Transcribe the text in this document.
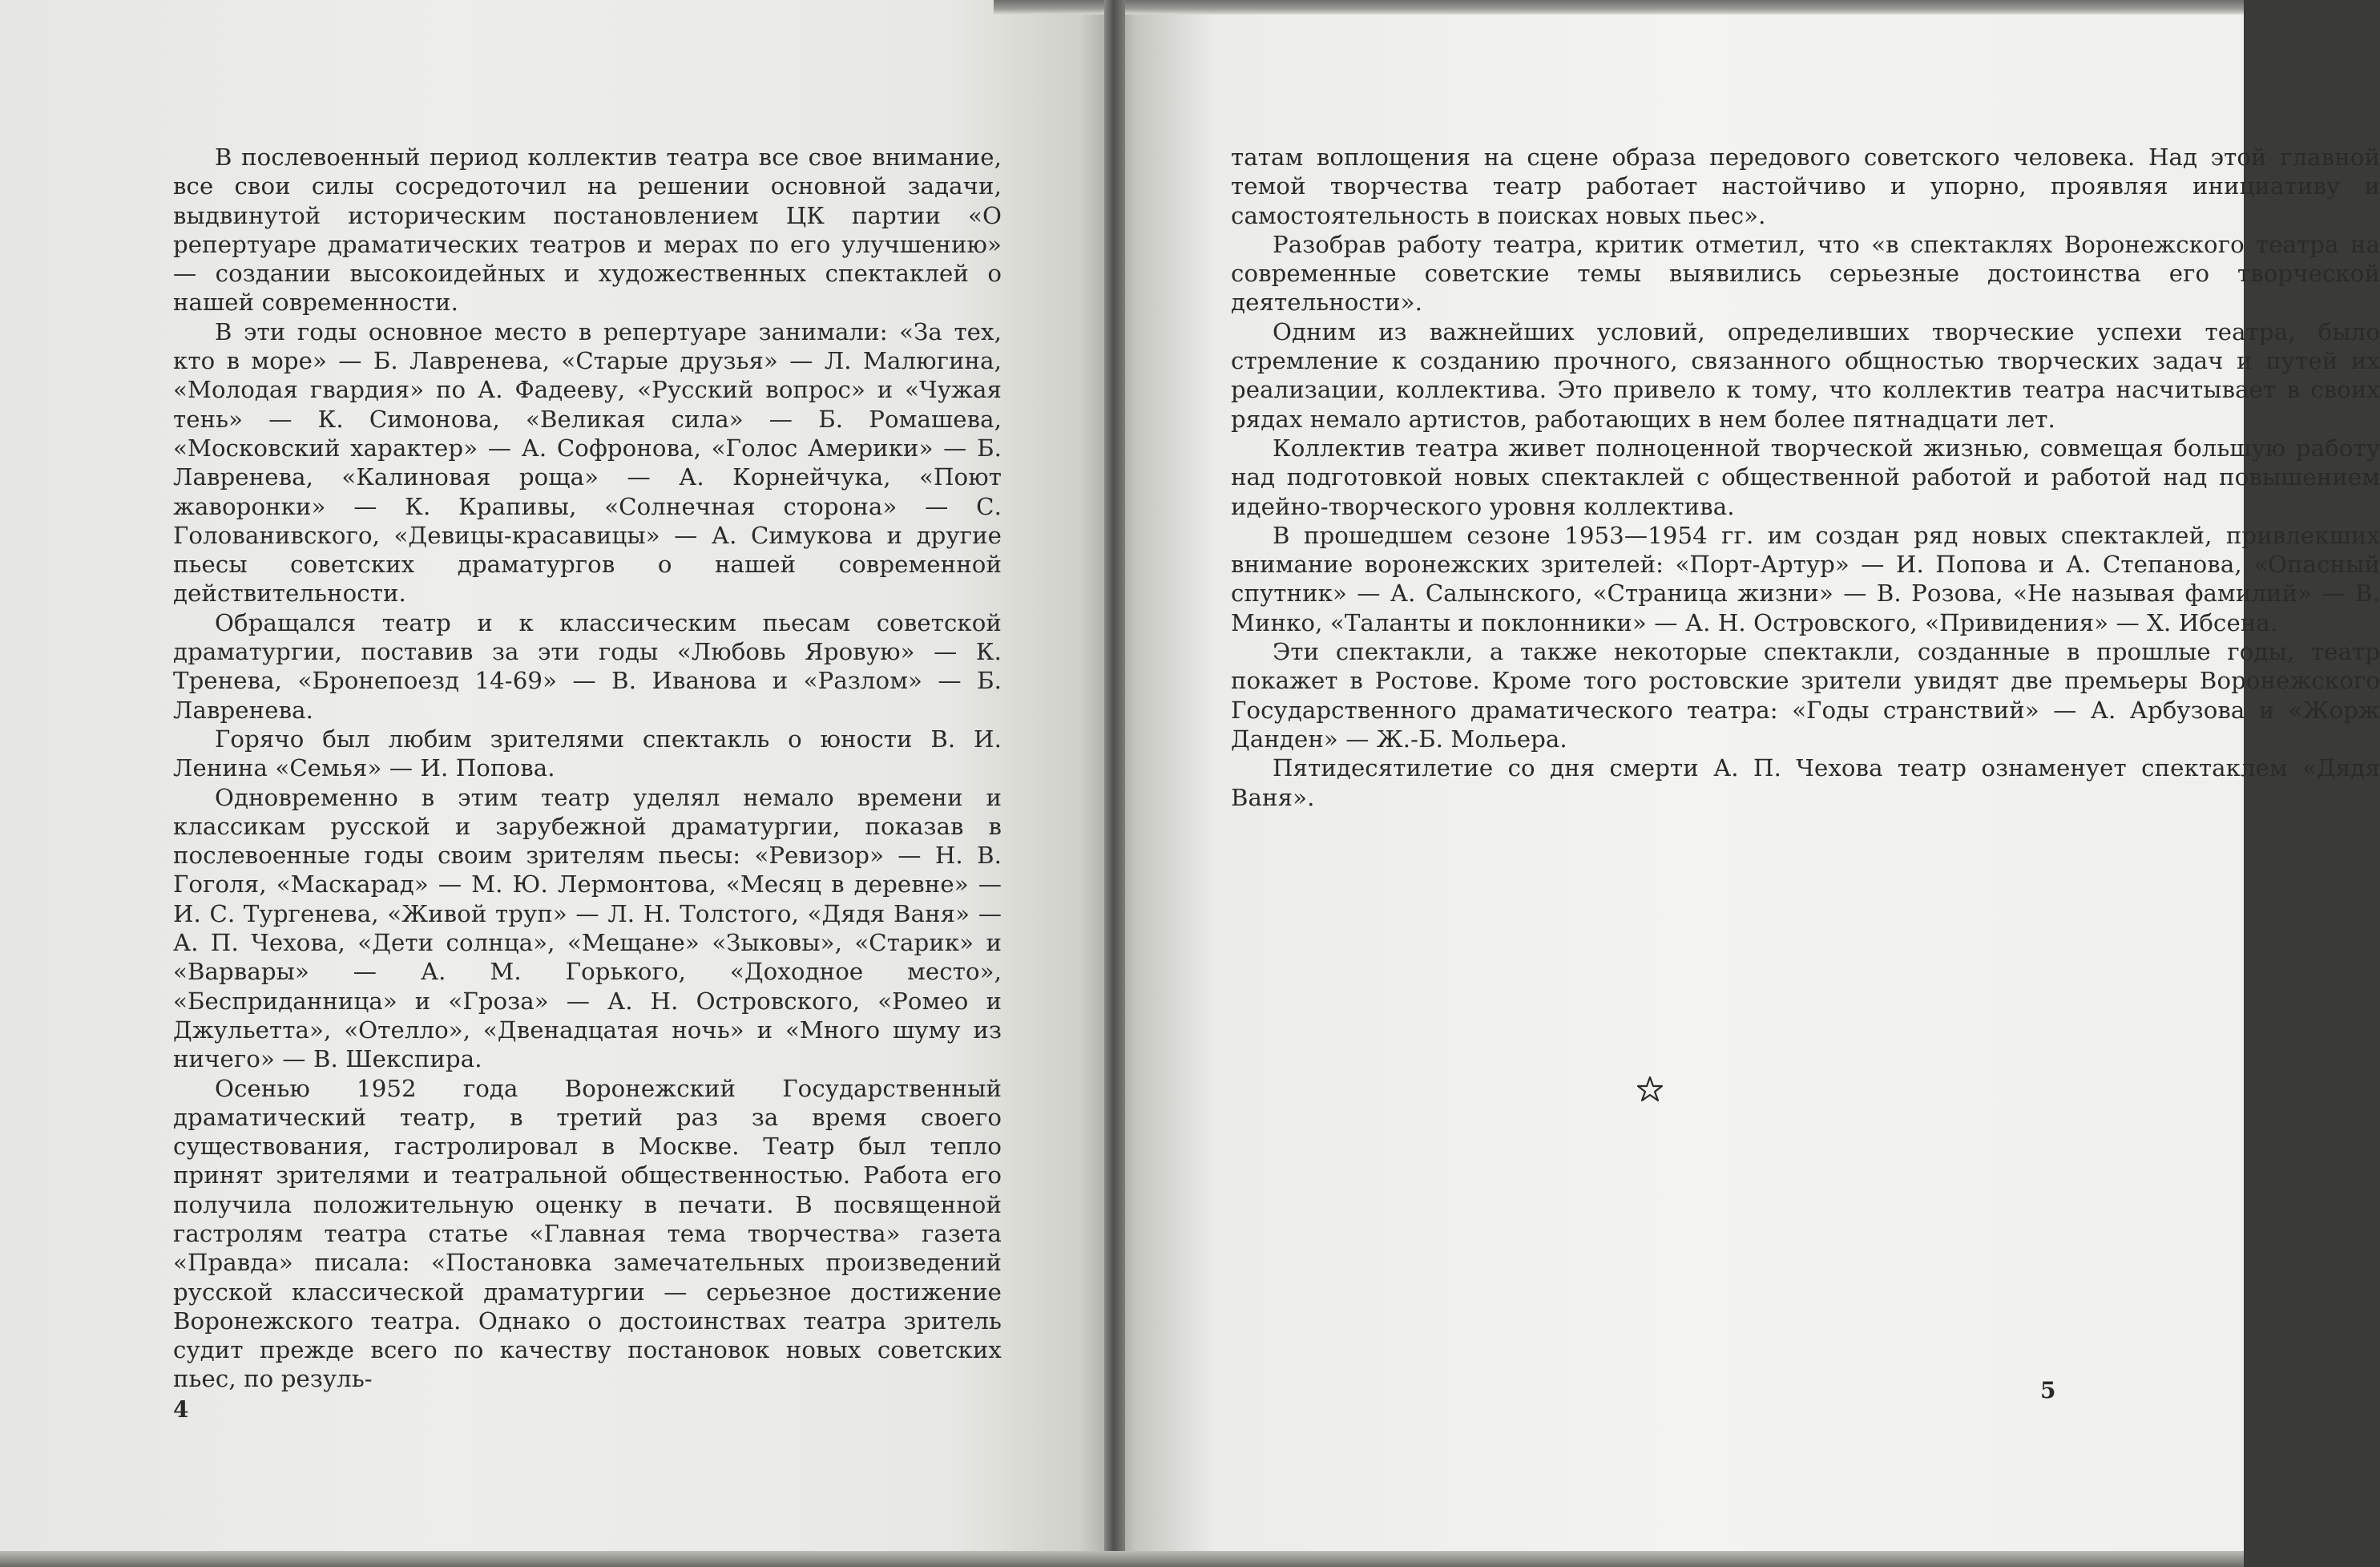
В послевоенный период коллектив театра все свое внимание, все свои силы сосредоточил на решении основной задачи, выдвинутой историческим постановлением ЦК партии «О репертуаре драматических театров и мерах по его улучшению» — создании высокоидейных и художественных спектаклей о нашей современности.

В эти годы основное место в репертуаре занимали: «За тех, кто в море» — Б. Лавренева, «Старые друзья» — Л. Малюгина, «Молодая гвардия» по А. Фадееву, «Русский вопрос» и «Чужая тень» — К. Симонова, «Великая сила» — Б. Ромашева, «Московский характер» — А. Софронова, «Голос Америки» — Б. Лавренева, «Калиновая роща» — А. Корнейчука, «Поют жаворонки» — К. Крапивы, «Солнечная сторона» — С. Голованивского, «Девицы-красавицы» — А. Симукова и другие пьесы советских драматургов о нашей современной действительности.

Обращался театр и к классическим пьесам советской драматургии, поставив за эти годы «Любовь Яровую» — К. Тренева, «Бронепоезд 14-69» — В. Иванова и «Разлом» — Б. Лавренева.

Горячо был любим зрителями спектакль о юности В. И. Ленина «Семья» — И. Попова.

Одновременно в этим театр уделял немало времени и классикам русской и зарубежной драматургии, показав в послевоенные годы своим зрителям пьесы: «Ревизор» — Н. В. Гоголя, «Маскарад» — М. Ю. Лермонтова, «Месяц в деревне» — И. С. Тургенева, «Живой труп» — Л. Н. Толстого, «Дядя Ваня» — А. П. Чехова, «Дети солнца», «Мещане» «Зыковы», «Старик» и «Варвары» — А. М. Горького, «Доходное место», «Бесприданница» и «Гроза» — А. Н. Островского, «Ромео и Джульетта», «Отелло», «Двенадцатая ночь» и «Много шуму из ничего» — В. Шекспира.

Осенью 1952 года Воронежский Государственный драматический театр, в третий раз за время своего существования, гастролировал в Москве. Театр был тепло принят зрителями и театральной общественностью. Работа его получила положительную оценку в печати. В посвященной гастролям театра статье «Главная тема творчества» газета «Правда» писала: «Постановка замечательных произведений русской классической драматургии — серьезное достижение Воронежского театра. Однако о достоинствах театра зритель судит прежде всего по качеству постановок новых советских пьес, по резуль-

4

татам воплощения на сцене образа передового советского человека. Над этой главной темой творчества театр работает настойчиво и упорно, проявляя инициативу и самостоятельность в поисках новых пьес».

Разобрав работу театра, критик отметил, что «в спектаклях Воронежского театра на современные советские темы выявились серьезные достоинства его творческой деятельности».

Одним из важнейших условий, определивших творческие успехи театра, было стремление к созданию прочного, связанного общностью творческих задач и путей их реализации, коллектива. Это привело к тому, что коллектив театра насчитывает в своих рядах немало артистов, работающих в нем более пятнадцати лет.

Коллектив театра живет полноценной творческой жизнью, совмещая большую работу над подготовкой новых спектаклей с общественной работой и работой над повышением идейно-творческого уровня коллектива.

В прошедшем сезоне 1953—1954 гг. им создан ряд новых спектаклей, привлекших внимание воронежских зрителей: «Порт-Артур» — И. Попова и А. Степанова, «Опасный спутник» — А. Салынского, «Страница жизни» — В. Розова, «Не называя фамилий» — В. Минко, «Таланты и поклонники» — А. Н. Островского, «Привидения» — Х. Ибсена.

Эти спектакли, а также некоторые спектакли, созданные в прошлые годы, театр покажет в Ростове. Кроме того ростовские зрители увидят две премьеры Воронежского Государственного драматического театра: «Годы странствий» — А. Арбузова и «Жорж Данден» — Ж.-Б. Мольера.

Пятидесятилетие со дня смерти А. П. Чехова театр ознаменует спектаклем «Дядя Ваня».

5
